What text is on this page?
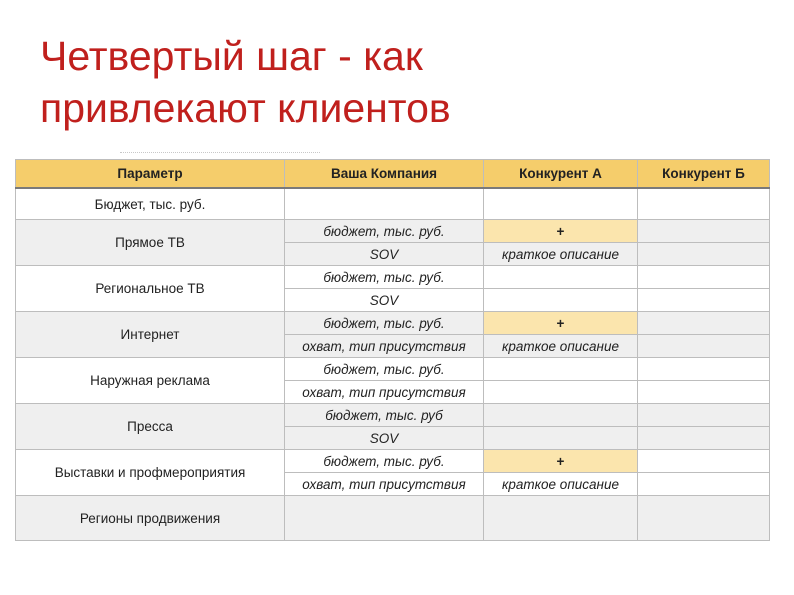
Четвертый шаг - как
привлекают клиентов
Параметр	Ваша Компания	Конкурент А	Конкурент Б
Бюджет, тыс. руб.			
Прямое ТВ	бюджет, тыс. руб.	+	
	SOV	краткое описание	
Региональное ТВ	бюджет, тыс. руб.		
	SOV		
Интернет	бюджет, тыс. руб.	+	
	охват, тип присутствия	краткое описание	
Наружная реклама	бюджет, тыс. руб.		
	охват, тип присутствия		
Пресса	бюджет, тыс. руб		
	SOV		
Выставки и профмероприятия	бюджет, тыс. руб.	+	
	охват, тип присутствия	краткое описание	
Регионы продвижения			
